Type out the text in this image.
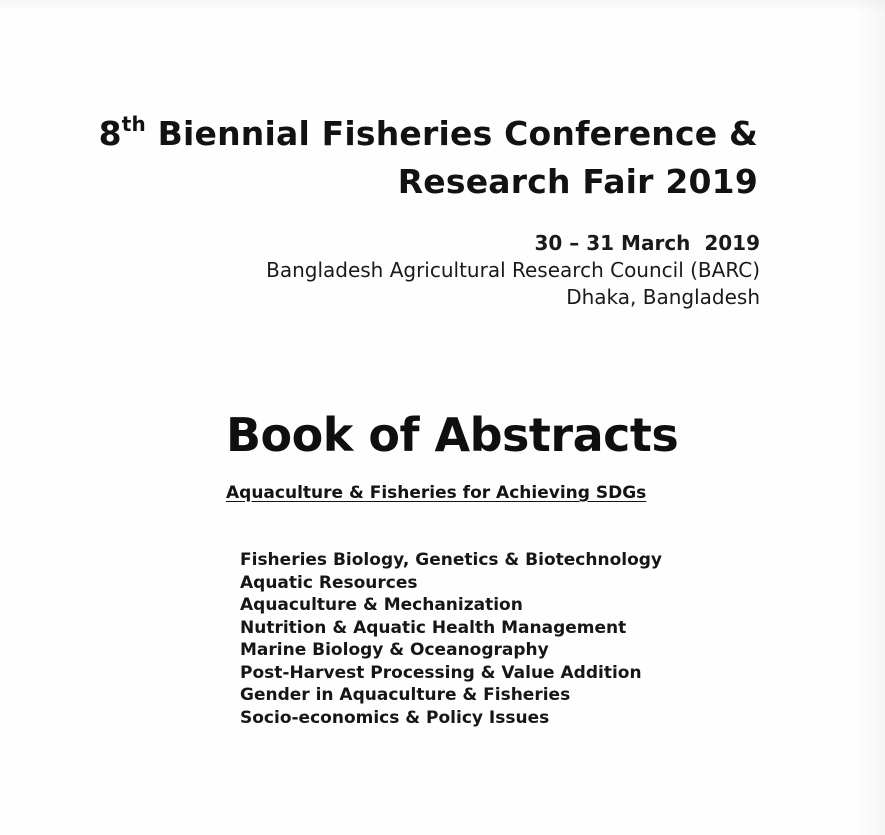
8th Biennial Fisheries Conference &
Research Fair 2019
30 – 31 March  2019
Bangladesh Agricultural Research Council (BARC)
Dhaka, Bangladesh
Book of Abstracts
Aquaculture & Fisheries for Achieving SDGs
Fisheries Biology, Genetics & Biotechnology
Aquatic Resources
Aquaculture & Mechanization
Nutrition & Aquatic Health Management
Marine Biology & Oceanography
Post-Harvest Processing & Value Addition
Gender in Aquaculture & Fisheries
Socio-economics & Policy Issues
